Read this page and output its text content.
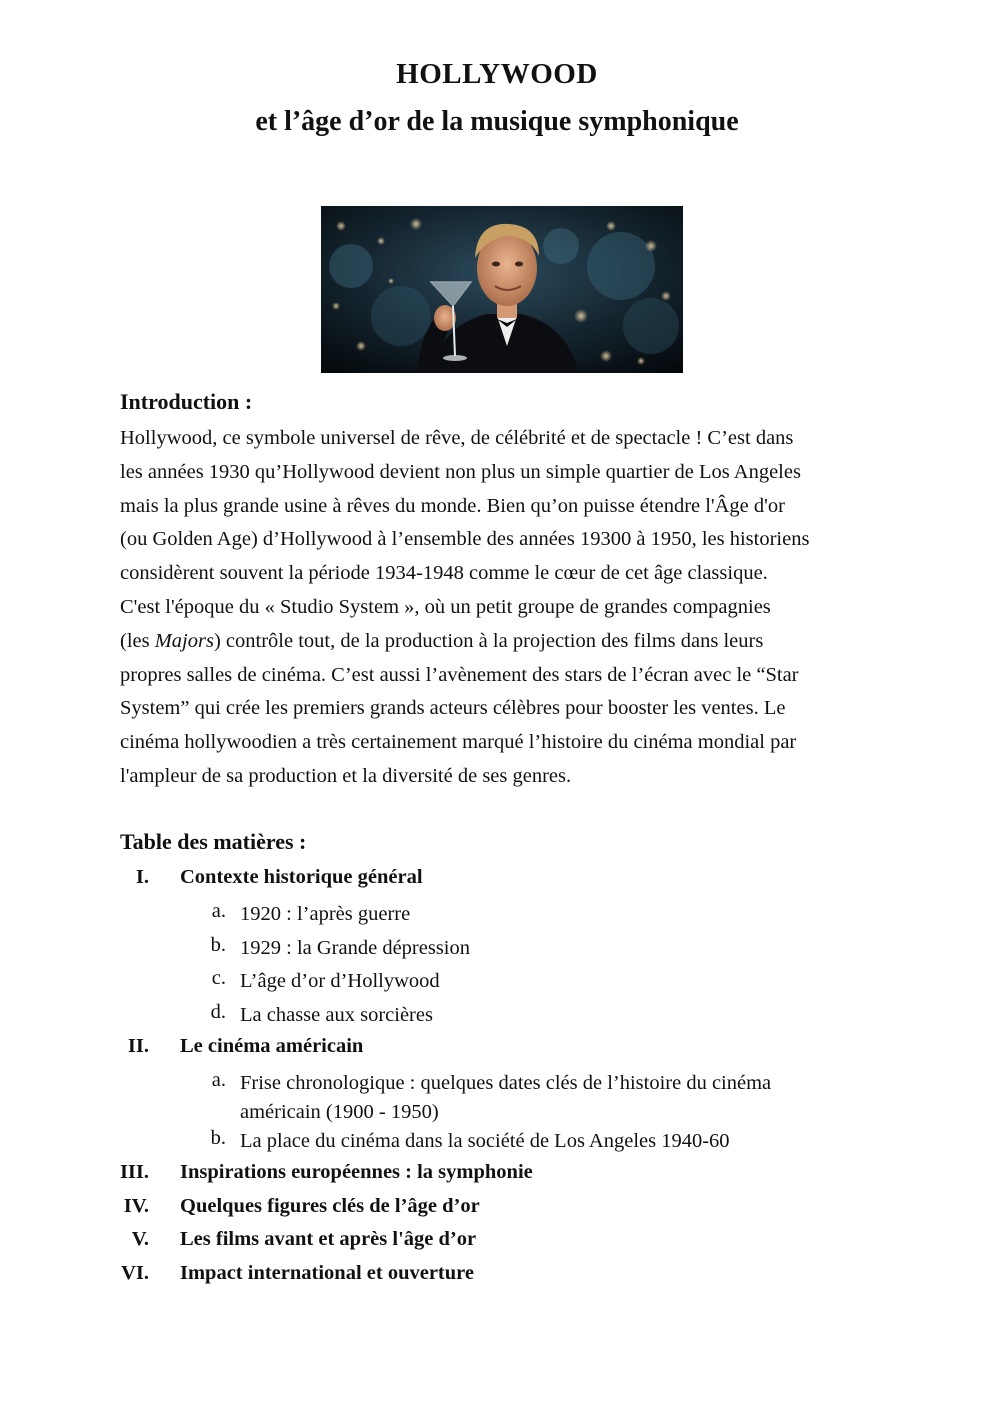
HOLLYWOOD
et l’âge d’or de la musique symphonique
Introduction :

Hollywood, ce symbole universel de rêve, de célébrité et de spectacle ! C’est dans
les années 1930 qu’Hollywood devient non plus un simple quartier de Los Angeles
mais la plus grande usine à rêves du monde. Bien qu’on puisse étendre l'Âge d'or
(ou Golden Age) d’Hollywood à l’ensemble des années 19300 à 1950, les historiens
considèrent souvent la période 1934-1948 comme le cœur de cet âge classique.
C'est l'époque du « Studio System », où un petit groupe de grandes compagnies
(les Majors) contrôle tout, de la production à la projection des films dans leurs
propres salles de cinéma. C’est aussi l’avènement des stars de l’écran avec le “Star
System” qui crée les premiers grands acteurs célèbres pour booster les ventes. Le
cinéma hollywoodien a très certainement marqué l’histoire du cinéma mondial par
l'ampleur de sa production et la diversité de ses genres.

Table des matières :
I. Contexte historique général
a. 1920 : l’après guerre
b. 1929 : la Grande dépression
c. L’âge d’or d’Hollywood
d. La chasse aux sorcières
II. Le cinéma américain
a. Frise chronologique : quelques dates clés de l’histoire du cinéma américain (1900 - 1950)
b. La place du cinéma dans la société de Los Angeles 1940-60
III. Inspirations européennes : la symphonie
IV. Quelques figures clés de l’âge d’or
V. Les films avant et après l'âge d’or
VI. Impact international et ouverture
